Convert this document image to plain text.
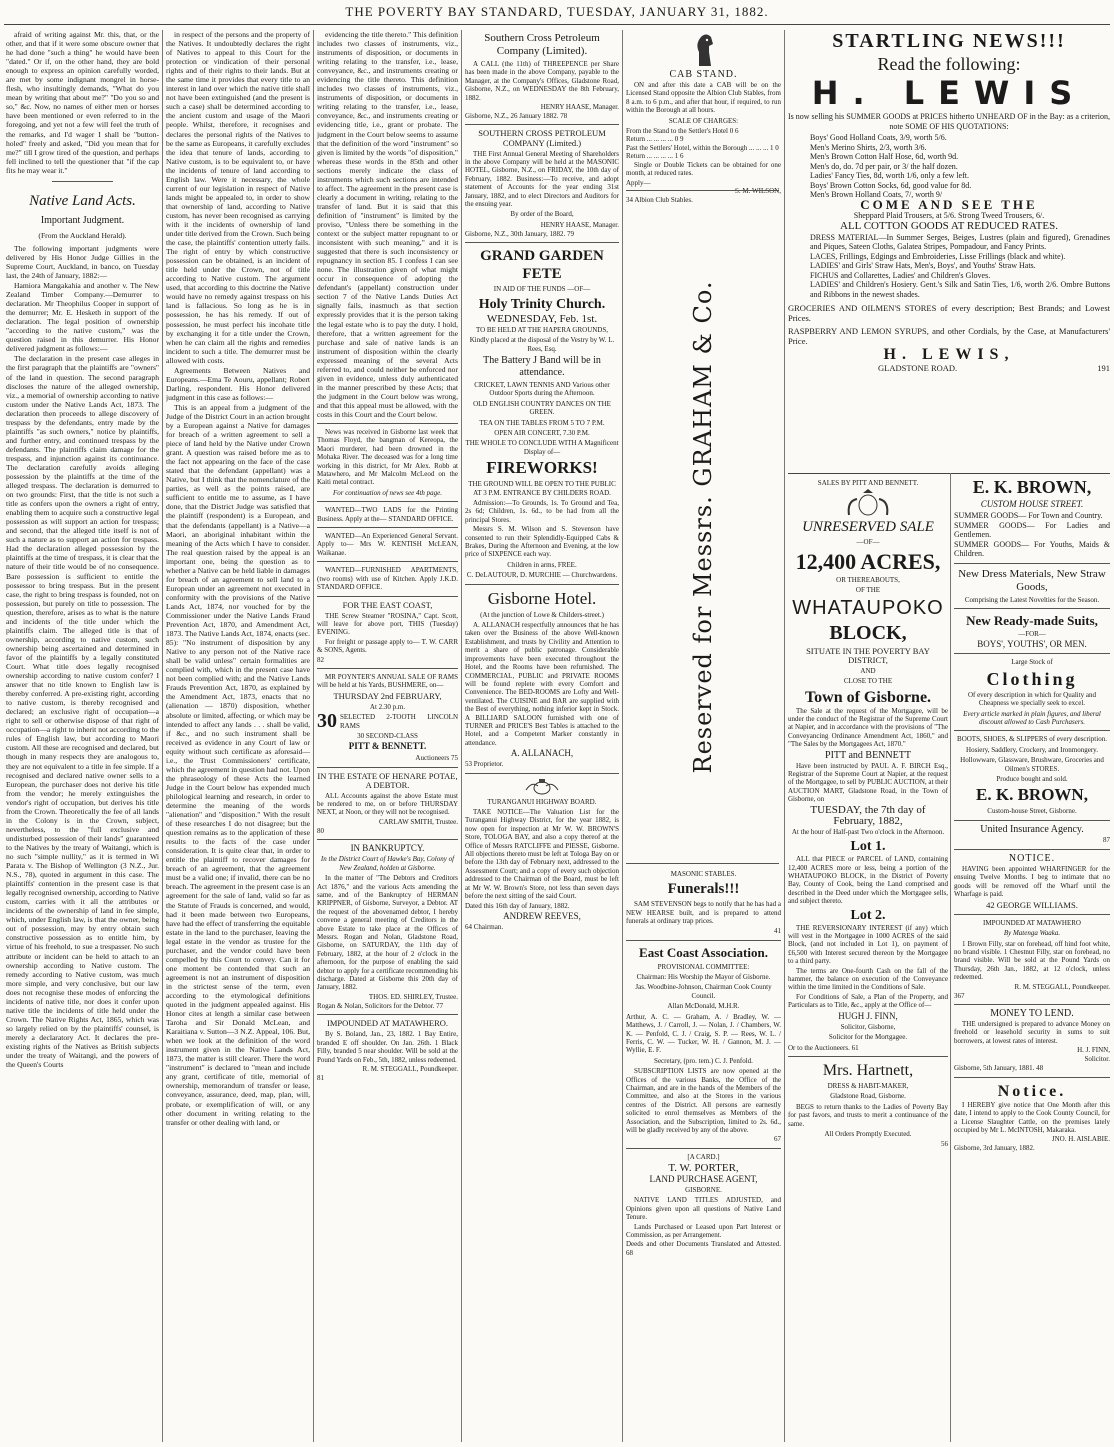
THE POVERTY BAY STANDARD, TUESDAY, JANUARY 31, 1882.

afraid of writing against Mr. this, that, or the other, and that if it were some obscure owner that he had done "such a thing" he would have been "dated." Or if, on the other hand, they are bold enough to express an opinion carefully worded, are met by some indignant mongrel in horse-flesh, who insultingly demands, "What do you mean by writing that about me?" "Do you so and so," &c. Now, no names of either men or horses have been mentioned or even referred to in the foregoing, and yet not a few will feel the truth of the remarks, and I'd wager I shall be "button-holed" freely and asked, "Did you mean that for me?" till I grow tired of the question, and perhaps fell inclined to tell the questioner that "if the cap fits he may wear it."

Native Land Acts.
Important Judgment.
(From the Auckland Herald).

The following important judgments were delivered by His Honor Judge Gillies in the Supreme Court, Auckland, in banco, on Tuesday last, the 24th of January, 1882:—

Hamiora Mangakahia and another v. The New Zealand Timber Company.—Demurrer to declaration. Mr Theophilus Cooper in support of the demurrer; Mr. E. Hesketh in support of the declaration. The legal position of ownership "according to the native custom," was the question raised in this demurrer. His Honor delivered judgment as follows:—

The declaration in the present case alleges in the first paragraph that the plaintiffs are "owners" of the land in question. The second paragraph discloses the nature of the alleged ownership, viz., a memorial of ownership according to native custom under the Native Lands Act, 1873. The declaration then proceeds to allege discovery of trespass by the defendants, entry made by the plaintiffs "as such owners," notice by plaintiffs, and further entry, and continued trespass by the defendants. The plaintiffs claim damage for the trespass, and injunction against its continuance. The declaration carefully avoids alleging possession by the plaintiffs at the time of the alleged trespass. The declaration is demurred to on two grounds: First, that the title is not such a title as confers upon the owners a right of entry, enabling them to acquire such a constructive legal possession as will support an action for trespass; and second, that the alleged title itself is not of such a nature as to support an action for trespass. Had the declaration alleged possession by the plaintiffs at the time of trespass, it is clear that the nature of their title would be of no consequence. Bare possession is sufficient to entitle the possessor to bring trespass. But in the present case, the right to bring trespass is founded, not on possession, but purely on title to possession. The question, therefore, arises as to what is the nature and incidents of the title under which the plaintiffs claim. The alleged title is that of ownership, according to native custom, such ownership being ascertained and determined in favor of the plaintiffs by a legally constituted Court. What title does legally recognised ownership according to native custom confer? I answer that no title known to English law is thereby conferred. A pre-existing right, according to native custom, is thereby recognised and declared; an exclusive right of occupation—a right to sell or otherwise dispose of that right of occupation—a right to inherit not according to the rules of English law, but according to Maori custom. All these are recognised and declared, but though in many respects they are analogous to, they are not equivalent to a title in fee simple. If a recognised and declared native owner sells to a European, the purchaser does not derive his title from the vendor; he merely extinguishes the vendor's right of occupation, but derives his title from the Crown. Theoretically the fee of all lands in the Colony is in the Crown, subject, nevertheless, to the "full exclusive and undisturbed possession of their lands" guaranteed to the Natives by the treaty of Waitangi, which is no such "simple nullity," as it is termed in Wi Parata v. The Bishop of Wellington (3 N.Z., Jur. N.S., 78), quoted in argument in this case. The plaintiffs' contention in the present case is that legally recognised ownership, according to Native custom, carries with it all the attributes or incidents of the ownership of land in fee simple, which, under English law, is that the owner, being out of possession, may by entry obtain such constructive possession as to entitle him, by virtue of his freehold, to sue a trespasser. No such attribute or incident can be held to attach to an ownership according to Native custom. The remedy according to Native custom, was much more simple, and very conclusive, but our law does not recognise these modes of enforcing the incidents of native title, nor does it confer upon native title the incidents of title held under the Crown. The Native Rights Act, 1865, which was so largely relied on by the plaintiffs' counsel, is merely a declaratory Act. It declares the pre-existing rights of the Natives as British subjects under the treaty of Waitangi, and the powers of the Queen's Courts

in respect of the persons and the property of the Natives. It undoubtedly declares the right of Natives to appeal to this Court for the protection or vindication of their personal rights and of their rights to their lands. But at the same time it provides that every title to an interest in land over which the native title shall not have been extinguished (and the present is such a case) shall be determined according to the ancient custom and usage of the Maori people. Whilst, therefore, it recognises and declares the personal rights of the Natives to be the same as Europeans, it carefully excludes the idea that tenure of lands, according to Native custom, is to be equivalent to, or have the incidents of tenure of land according to English law. Were it necessary, the whole current of our legislation in respect of Native lands might be appealed to, in order to show that ownership of land, according to Native custom, has never been recognised as carrying with it the incidents of ownership of land under title derived from the Crown. Such being the case, the plaintiffs' contention utterly fails. The right of entry by which constructive possession can be obtained, is an incident of title held under the Crown, not of title according to Native custom. The argument used, that according to this doctrine the Native would have no remedy against trespass on his land is fallacious. So long as he is in possession, he has his remedy. If out of possession, he must perfect his incohate title by exchanging it for a title under the Crown, when he can claim all the rights and remedies incident to such a title. The demurrer must be allowed with costs.

Agreements Between Natives and Europeans.—Ema Te Aouru, appellant; Robert Darling, respondent. His Honor delivered judgment in this case as follows:—

This is an appeal from a judgment of the Judge of the District Court in an action brought by a European against a Native for damages for breach of a written agreement to sell a piece of land held by the Native under Crown grant. A question was raised before me as to the fact not appearing on the face of the case stated that the defendant (appellant) was a Native, but I think that the nomenclature of the parties, as well as the points raised, are sufficient to entitle me to assume, as I have done, that the District Judge was satisfied that the plaintiff (respondent) is a European, and that the defendants (appellant) is a Native—a Maori, an aboriginal inhabitant within the meaning of the Acts which I have to consider. The real question raised by the appeal is an important one, being the question as to whether a Native can be held liable in damages for breach of an agreement to sell land to a European under an agreement not executed in conformity with the provisions of the Native Lands Act, 1874, nor vouched for by the Commissioner under the Native Lands Fraud Prevention Act, 1870, and Amendment Act, 1873. The Native Lands Act, 1874, enacts (sec. 85): "No instrument of disposition by any Native to any person not of the Native race shall be valid unless" certain formalities are complied with, which in the present case have not been complied with; and the Native Lands Frauds Prevention Act, 1870, as explained by the Amendment Act, 1873, enacts that no (alienation — 1870) disposition, whether absolute or limited, affecting, or which may be intended to affect any lands . . . shall be valid, if &c., and no such instrument shall be received as evidence in any Court of law or equity without such certificate as aforesaid—i.e., the Trust Commissioners' certificate, which the agreement in question had not. Upon the phraseology of these Acts the learned Judge in the Court below has expended much philological learning and research, in order to determine the meaning of the words "alienation" and "disposition." With the result of these researches I do not disagree; but the question remains as to the application of these results to the facts of the case under consideration. It is quite clear that, in order to entitle the plaintiff to recover damages for breach of an agreement, that the agreement must be a valid one; if invalid, there can be no breach. The agreement in the present case is an agreement for the sale of land, valid so far as the Statute of Frauds is concerned, and would, had it been made between two Europeans, have had the effect of transferring the equitable estate in the land to the purchaser, leaving the legal estate in the vendor as trustee for the purchaser, and the vendor could have been compelled by this Court to convey. Can it for one moment be contended that such an agreement is not an instrument of disposition in the strictest sense of the term, even according to the etymological definitions quoted in the judgment appealed against. His Honor cites at length a similar case between Taroha and Sir Donald McLean, and Karaitiana v. Sutton—3 N.Z. Appeal, 106. But, when we look at the definition of the word instrument given in the Native Lands Act, 1873, the matter is still clearer. There the word "instrument" is declared to "mean and include any grant, certificate of title, memorial of ownership, memorandum of transfer or lease, conveyance, assurance, deed, map, plan, will, probate, or exemplification of will, or any other document in writing relating to the transfer or other dealing with land, or

evidencing the title thereto." This definition includes two classes of instruments, viz., instruments of disposition, or documents in writing relating to the transfer, i.e., lease, conveyance, &c., and instruments creating or evidencing the title thereto. This definition includes two classes of instruments, viz., instruments of disposition, or documents in writing relating to the transfer, i.e., lease, conveyance, &c., and instruments creating or evidencing title, i.e., grant or probate. The judgment in the Court below seems to assume that the definition of the word "instrument" so given is limited by the words "of disposition," whereas these words in the 85th and other sections merely indicate the class of instruments which such sections are intended to affect. The agreement in the present case is clearly a document in writing, relating to the transfer of land. But it is said that this definition of "instrument" is limited by the proviso, "Unless there be something in the context or the subject matter repugnant to or inconsistent with such meaning," and it is suggested that there is such inconsistency or repugnancy in section 85. I confess I can see none. The illustration given of what might occur in consequence of adopting the defendant's (appellant) construction under section 7 of the Native Lands Duties Act signally fails, inasmuch as that section expressly provides that it is the person taking the legal estate who is to pay the duty. I hold, therefore, that a written agreement for the purchase and sale of native lands is an instrument of disposition within the clearly expressed meaning of the several Acts referred to, and could neither be enforced nor given in evidence, unless duly authenticated in the manner prescribed by these Acts; that the judgment in the Court below was wrong, and that this appeal must be allowed, with the costs in this Court and the Court below.

News was received in Gisborne last week that Thomas Floyd, the bangman of Kereopa, the Maori murderer, had been drowned in the Mohaka River. The deceased was for a long time working in this district, for Mr Alex. Robb at Matawhero, and Mr Malcolm McLeod on the Kaiti metal contract.

For continuation of news see 4th page.

WANTED—TWO LADS for the Printing Business. Apply at the— STANDARD OFFICE.

WANTED—An Experienced General Servant. Apply to— Mrs W. KENTISH McLEAN, Waikanae.

WANTED—FURNISHED APARTMENTS, (two rooms) with use of Kitchen. Apply J.K.D. STANDARD OFFICE.

FOR THE EAST COAST,

THE Screw Steamer "ROSINA," Capt. Scott, will leave for above port, THIS (Tuesday) EVENING.

For freight or passage apply to— T. W. CARR & SONS, Agents.

82

MR POYNTER'S ANNUAL SALE OF RAMS will be held at his Yards, BUSHMERE, on—

THURSDAY 2nd FEBRUARY,
At 2.30 p.m.
30 SELECTED 2-TOOTH LINCOLN RAMS
30 SECOND-CLASS
PITT & BENNETT.
Auctioneers 75
IN THE ESTATE OF HENARE POTAE, A DEBTOR.

ALL Accounts against the above Estate must be rendered to me, on or before THURSDAY NEXT, at Noon, or they will not be recognised.

CARLAW SMITH, Trustee.
80
IN BANKRUPTCY.
In the District Court of Hawke's Bay, Colony of New Zealand, holden at Gisborne.

In the matter of "The Debtors and Creditors Act 1876," and the various Acts amending the same, and of the Bankruptcy of HERMAN KRIPPNER, of Gisborne, Surveyor, a Debtor. AT the request of the abovenamed debtor, I hereby convene a general meeting of Creditors in the above Estate to take place at the Offices of Messrs. Rogan and Nolan, Gladstone Road, Gisborne, on SATURDAY, the 11th day of February, 1882, at the hour of 2 o'clock in the afternoon, for the purpose of enabling the said debtor to apply for a certificate recommending his discharge. Dated at Gisborne this 20th day of January, 1882.

THOS. ED. SHIRLEY, Trustee.
Rogan & Nolan, Solicitors for the Debtor. 77
IMPOUNDED AT MATAWHERO.

By S. Boland, Jan., 23, 1882. 1 Bay Entire, branded E off shoulder. On Jan. 26th. 1 Black Filly, branded 5 near shoulder. Will be sold at the Pound Yards on Feb., 5th, 1882, unless redeemed.

R. M. STEGGALL, Poundkeeper.
81
Southern Cross Petroleum Company (Limited).

A CALL (the 11th) of THREEPENCE per Share has been made in the above Company, payable to the Manager, at the Company's Offices, Gladstone Road, Gisborne, N.Z., on WEDNESDAY the 8th February, 1882.

HENRY HAASE, Manager.
Gisborne, N.Z., 26 January 1882. 78
SOUTHERN CROSS PETROLEUM COMPANY (Limited.)

THE First Annual General Meeting of Shareholders in the above Company will be held at the MASONIC HOTEL, Gisborne, N.Z., on FRIDAY, the 10th day of February, 1882. Business:—To receive, and adopt statement of Accounts for the year ending 31st January, 1882, and to elect Directors and Auditors for the ensuing year.

By order of the Board,
HENRY HAASE, Manager.
Gisborne, N.Z., 30th January, 1882. 79
GRAND GARDEN FETE
IN AID OF THE FUNDS —OF—
Holy Trinity Church.
WEDNESDAY, Feb. 1st.
TO BE HELD AT THE HAPERA GROUNDS,
Kindly placed at the disposal of the Vestry by W. L. Rees, Esq.
The Battery J Band will be in attendance.
CRICKET, LAWN TENNIS AND Various other Outdoor Sports during the Afternoon.
OLD ENGLISH COUNTRY DANCES ON THE GREEN.
TEA ON THE TABLES FROM 5 TO 7 P.M.
OPEN AIR CONCERT, 7.30 P.M.
THE WHOLE TO CONCLUDE WITH A Magnificent Display of—
FIREWORKS!
THE GROUND WILL BE OPEN TO THE PUBLIC AT 3 P.M. ENTRANCE BY CHILDERS ROAD.

Admission:—To Grounds, 1s. To Ground and Tea, 2s 6d; Children, 1s. 6d., to be had from all the principal Stores.

Messrs S. M. Wilson and S. Stevenson have consented to run their Splendidly-Equipped Cabs & Brakes, During the Afternoon and Evening, at the low price of SIXPENCE each way.

Children in arms, FREE.
C. DeLAUTOUR, D. MURCHIE — Churchwardens.
Gisborne Hotel.
(At the junction of Lowe & Childers-street.)

A. ALLANACH respectfully announces that he has taken over the Business of the above Well-known Establishment, and trusts by Civility and Attention to merit a share of public patronage. Considerable improvements have been executed throughout the Hotel, and the Rooms have been refurnished. The COMMERCIAL, PUBLIC and PRIVATE ROOMS will be found replete with every Comfort and Convenience. The BED-ROOMS are Lofty and Well-ventilated. The CUISINE and BAR are supplied with the Best of everything, nothing inferior kept in Stock. A BILLIARD SALOON furnished with one of TURNER and PRICE'S Best Tables is attached to the Hotel, and a Competent Marker constantly in attendance.

A. ALLANACH,
53 Proprietor.
TURANGANUI HIGHWAY BOARD.

TAKE NOTICE—The Valuation List for the Turanganui Highway District, for the year 1882, is now open for inspection at Mr W. W. BROWN'S Store, TOLOGA BAY, and also a copy thereof at the Office of Messrs RATCLIFFE and PIESSE, Gisborne. All objections thereto must be left at Tologa Bay on or before the 13th day of February next, addressed to the Assessment Court; and a copy of every such objection addressed to the Chairman of the Board, must be left at Mr W. W. Brown's Store, not less than seven days before the next sitting of the said Court.

Dated this 16th day of January, 1882.
ANDREW REEVES,
64 Chairman.
CAB STAND.

ON and after this date a CAB will be on the Licensed Stand opposite the Albion Club Stables, from 8 a.m. to 6 p.m., and after that hour, if required, to run within the Borough at all hours.

SCALE OF CHARGES:
From the Stand to the Settler's Hotel 0 6
Return ... ... ... ... 0 9
Past the Settlers' Hotel, within the Borough ... ... ... 1 0
Return ... ... ... ... 1 6

Single or Double Tickets can be obtained for one month, at reduced rates.

Apply—
S. M. WILSON,
34 Albion Club Stables.
Reserved for Messrs. GRAHAM & Co.
MASONIC STABLES.
Funerals!!!

SAM STEVENSON begs to notify that he has had a NEW HEARSE built, and is prepared to attend funerals at ordinary trap prices.

41
East Coast Association.
PROVISIONAL COMMITTEE:
Chairman: His Worship the Mayor of Gisborne.
Jas. Woodbine-Johnson, Chairman Cook County Council.
Allan McDonald, M.H.R.
Arthur, A. C. — Graham, A. / Bradley, W. — Matthews, J. / Carroll, J. — Nolan, J. / Chambers, W. K. — Penfold, C. J. / Craig, S. P. — Rees, W. L. / Ferris, C. W. — Tucker, W. H. / Gannon, M. J. — Wyllie, E. F.
Secretary, (pro. tem.) C. J. Penfold.

SUBSCRIPTION LISTS are now opened at the Offices of the various Banks, the Office of the Chairman, and are in the hands of the Members of the Committee, and also at the Stores in the various centres of the District. All persons are earnestly solicited to enrol themselves as Members of the Association, and the Subscription, limited to 2s. 6d., will be gladly received by any of the above.

67
[A CARD.]
T. W. PORTER,
LAND PURCHASE AGENT,
GISBORNE.

NATIVE LAND TITLES ADJUSTED, and Opinions given upon all questions of Native Land Tenure.

Lands Purchased or Leased upon Part Interest or Commission, as per Arrangement.

Deeds and other Documents Translated and Attested. 68
STARTLING NEWS!!!
Read the following:
H. LEWIS
Is now selling his SUMMER GOODS at PRICES hitherto UNHEARD OF in the Bay: as a criterion, note SOME OF HIS QUOTATIONS:
Boys' Good Holland Coats, 3/9, worth 5/6.
Men's Merino Shirts, 2/3, worth 3/6.
Men's Brown Cotton Half Hose, 6d, worth 9d.
Men's do, do. 7d per pair, or 3/ the half dozen.
Ladies' Fancy Ties, 8d, worth 1/6, only a few left.
Boys' Brown Cotton Socks, 6d, good value for 8d.
Men's Brown Holland Coats, 7/, worth 9/
COME AND SEE THE
Sheppard Plaid Trousers, at 5/6. Strong Tweed Trousers, 6/.
ALL COTTON GOODS AT REDUCED RATES.
DRESS MATERIAL—In Summer Serges, Beiges, Lustres (plain and figured), Grenadines and Piques, Sateen Cloths, Galatea Stripes, Pompadour, and Fancy Prints.
LACES, Frillings, Edgings and Embroideries, Lisse Frillings (black and white).
LADIES' and Girls' Straw Hats, Men's, Boys', and Youths' Straw Hats.
FICHUS and Collarettes, Ladies' and Children's Gloves.
LADIES' and Children's Hosiery. Gent.'s Silk and Satin Ties, 1/6, worth 2/6. Ombre Buttons and Ribbons in the newest shades.
GROCERIES AND OILMEN'S STORES of every description; Best Brands; and Lowest Prices.
RASPBERRY AND LEMON SYRUPS, and other Cordials, by the Case, at Manufacturers' Price.
H. LEWIS,
GLADSTONE ROAD.	191
SALES BY PITT AND BENNETT.
UNRESERVED SALE
—OF—
12,400 ACRES,
OR THEREABOUTS,
OF THE
WHATAUPOKO
BLOCK,
SITUATE IN THE POVERTY BAY DISTRICT,
AND
CLOSE TO THE
Town of Gisborne.

The Sale at the request of the Mortgagee, will be under the conduct of the Registrar of the Supreme Court at Napier, and in accordance with the provisions of "The Conveyancing Ordinance Amendment Act, 1860," and "The Sales by the Mortgagees Act, 1870."

PITT and BENNETT

Have been instructed by PAUL A. F. BIRCH Esq., Registrar of the Supreme Court at Napier, at the request of the Mortgagee, to sell by PUBLIC AUCTION, at their AUCTION MART, Gladstone Road, in the Town of Gisborne, on

TUESDAY, the 7th day of
February, 1882,
At the hour of Half-past Two o'clock in the Afternoon.
Lot 1.

ALL that PIECE or PARCEL of LAND, containing 12,400 ACRES more or less, being a portion of the WHATAUPOKO BLOCK, in the District of Poverty Bay, County of Cook, being the Land comprised and described in the Deed under which the Mortgagee sells, and subject thereto.

Lot 2.

THE REVERSIONARY INTEREST (if any) which will vest in the Mortgagee in 1000 ACRES of the said Block, (and not included in Lot 1), on payment of £6,500 with Interest secured thereon by the Mortgagee to a third party.

The terms are One-fourth Cash on the fall of the hammer, the balance on execution of the Conveyance within the time limited in the Conditions of Sale.

For Conditions of Sale, a Plan of the Property, and Particulars as to Title, &c., apply at the Office of—

HUGH J. FINN,
Solicitor, Gisborne,
Solicitor for the Mortgagee.
Or to the Auctioneers. 61
Mrs. Hartnett,
DRESS & HABIT-MAKER,
Gladstone Road, Gisborne.

BEGS to return thanks to the Ladies of Poverty Bay for past favors, and trusts to merit a continuance of the same.

All Orders Promptly Executed.
56
E. K. BROWN,
CUSTOM HOUSE STREET.
SUMMER GOODS— For Town and Country.
SUMMER GOODS— For Ladies and Gentlemen.
SUMMER GOODS— For Youths, Maids & Children.
New Dress Materials, New Straw Goods,
Comprising the Latest Novelties for the Season.
New Ready-made Suits,
—FOR—
BOYS', YOUTHS', OR MEN.
Large Stock of
Clothing
Of every description in which for Quality and Cheapness we specially seek to excel.
Every article marked in plain figures, and liberal discount allowed to Cash Purchasers.
BOOTS, SHOES, & SLIPPERS of every description.
Hosiery, Saddlery, Crockery, and Ironmongery.
Hollowware, Glassware, Brushware, Groceries and Oilmen's STORES.
Produce bought and sold.
E. K. BROWN,
Custom-house Street, Gisborne.
United Insurance Agency.
87
NOTICE.

HAVING been appointed WHARFINGER for the ensuing Twelve Months. I beg to intimate that no goods will be removed off the Wharf until the Wharfage is paid.

42 GEORGE WILLIAMS.
IMPOUNDED AT MATAWHERO
By Matenga Waaka.

1 Brown Filly, star on forehead, off hind foot white, no brand visible. 1 Chestnut Filly, star on forehead, no brand visible. Will be sold at the Pound Yards on Thursday, 26th Jan., 1882, at 12 o'clock, unless redeemed.

R. M. STEGGALL, Poundkeeper.
367
MONEY TO LEND.

THE undersigned is prepared to advance Money on freehold or leasehold security in sums to suit borrowers, at lowest rates of interest.

H. J. FINN,
Solicitor.
Gisborne, 5th January, 1881. 48
Notice.

I HEREBY give notice that One Month after this date, I intend to apply to the Cook County Council, for a License Slaughter Cattle, on the premises lately occupied by Mr L. McINTOSH, Makaraka.

JNO. H. AISLABIE.
Gisborne, 3rd January, 1882.
